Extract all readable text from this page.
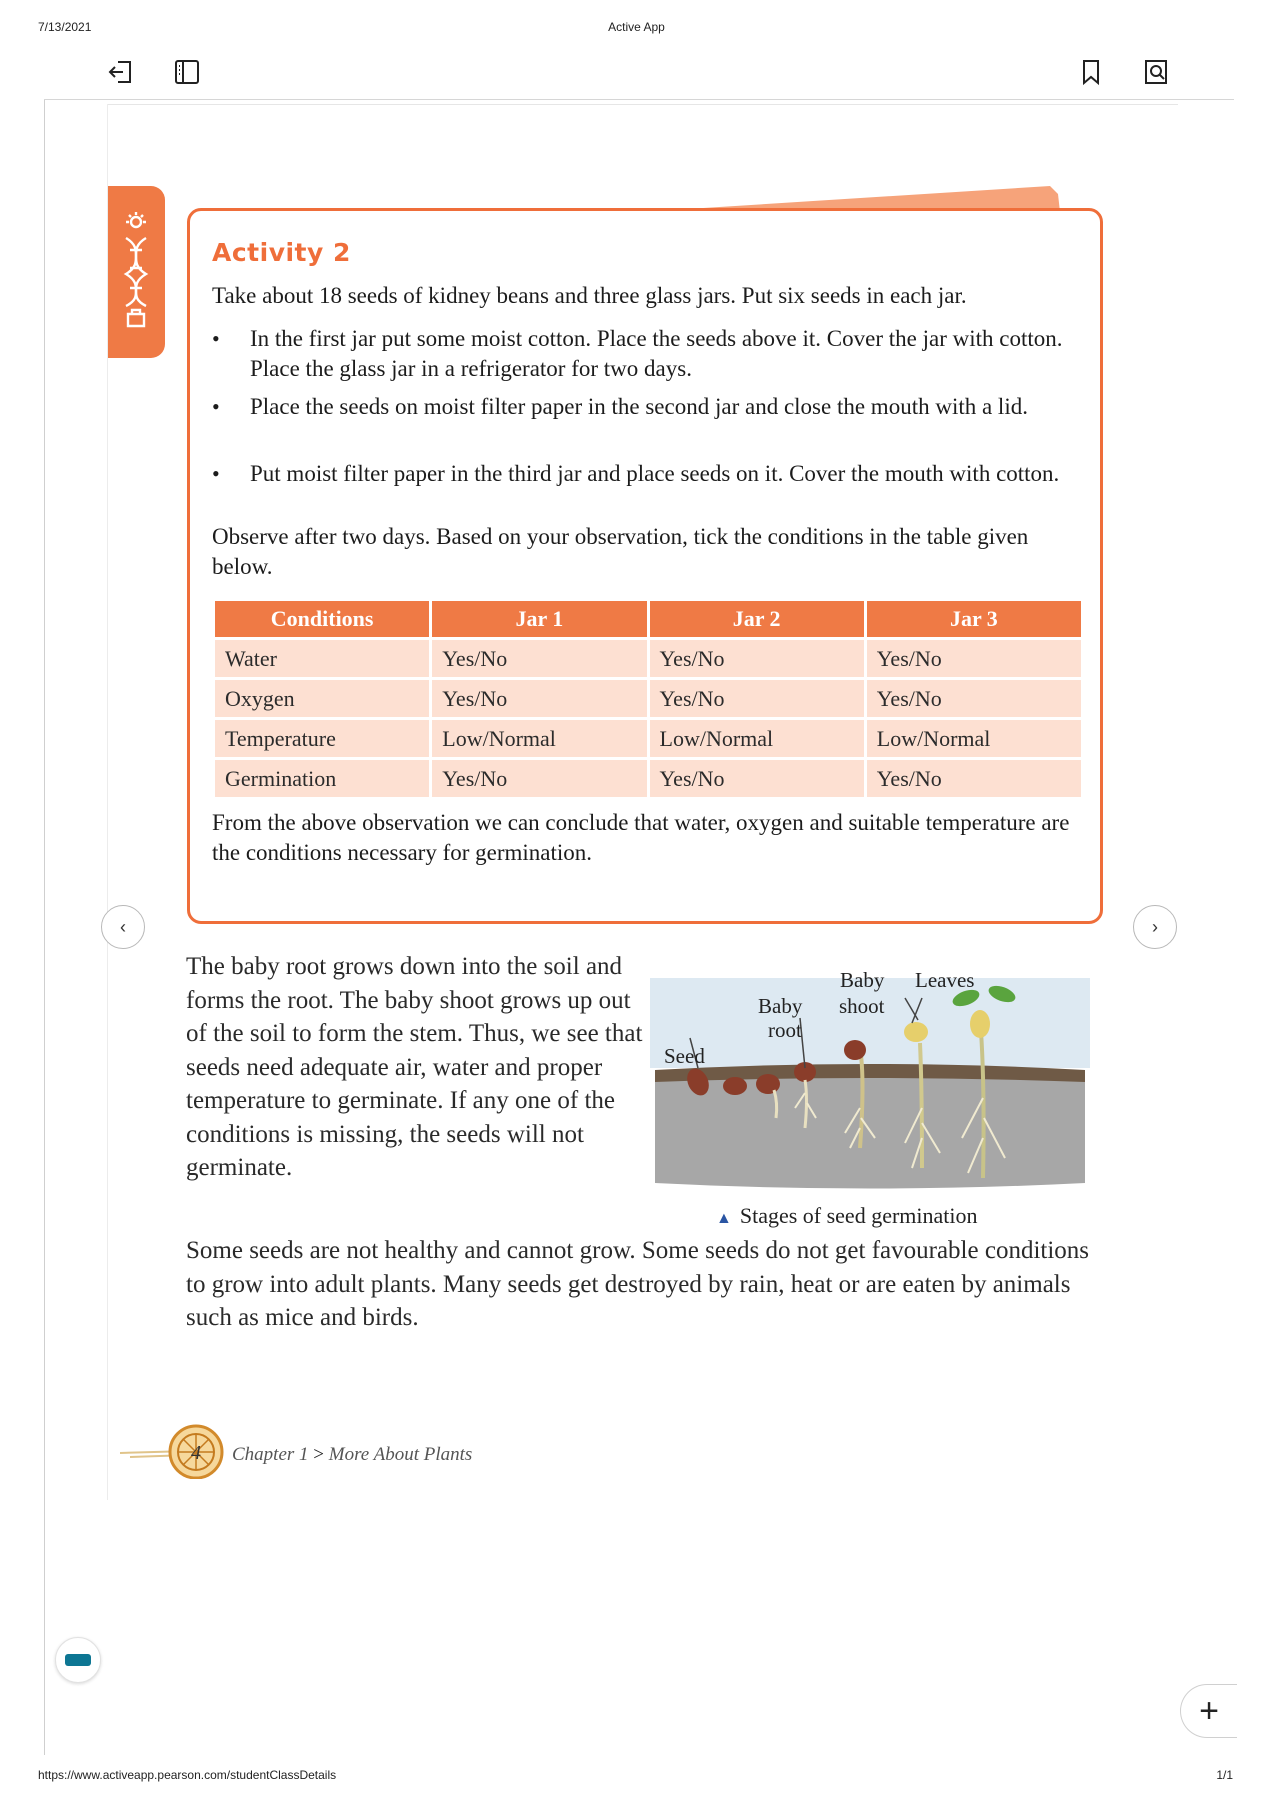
7/13/2021	Active App
Activity 2
Take about 18 seeds of kidney beans and three glass jars. Put six seeds in each jar.
• In the first jar put some moist cotton. Place the seeds above it. Cover the jar with cotton. Place the glass jar in a refrigerator for two days.
• Place the seeds on moist filter paper in the second jar and close the mouth with a lid.
• Put moist filter paper in the third jar and place seeds on it. Cover the mouth with cotton.
Observe after two days. Based on your observation, tick the conditions in the table given below.
Conditions	Jar 1	Jar 2	Jar 3
Water	Yes/No	Yes/No	Yes/No
Oxygen	Yes/No	Yes/No	Yes/No
Temperature	Low/Normal	Low/Normal	Low/Normal
Germination	Yes/No	Yes/No	Yes/No
From the above observation we can conclude that water, oxygen and suitable temperature are the conditions necessary for germination.
‹	›
The baby root grows down into the soil and forms the root. The baby shoot grows up out of the soil to form the stem. Thus, we see that seeds need adequate air, water and proper temperature to germinate. If any one of the conditions is missing, the seeds will not germinate.
Seed
Baby
root
Baby
shoot
Leaves
▲ Stages of seed germination
Some seeds are not healthy and cannot grow. Some seeds do not get favourable conditions to grow into adult plants. Many seeds get destroyed by rain, heat or are eaten by animals such as mice and birds.
4 Chapter 1 > More About Plants
+
https://www.activeapp.pearson.com/studentClassDetails	1/1
